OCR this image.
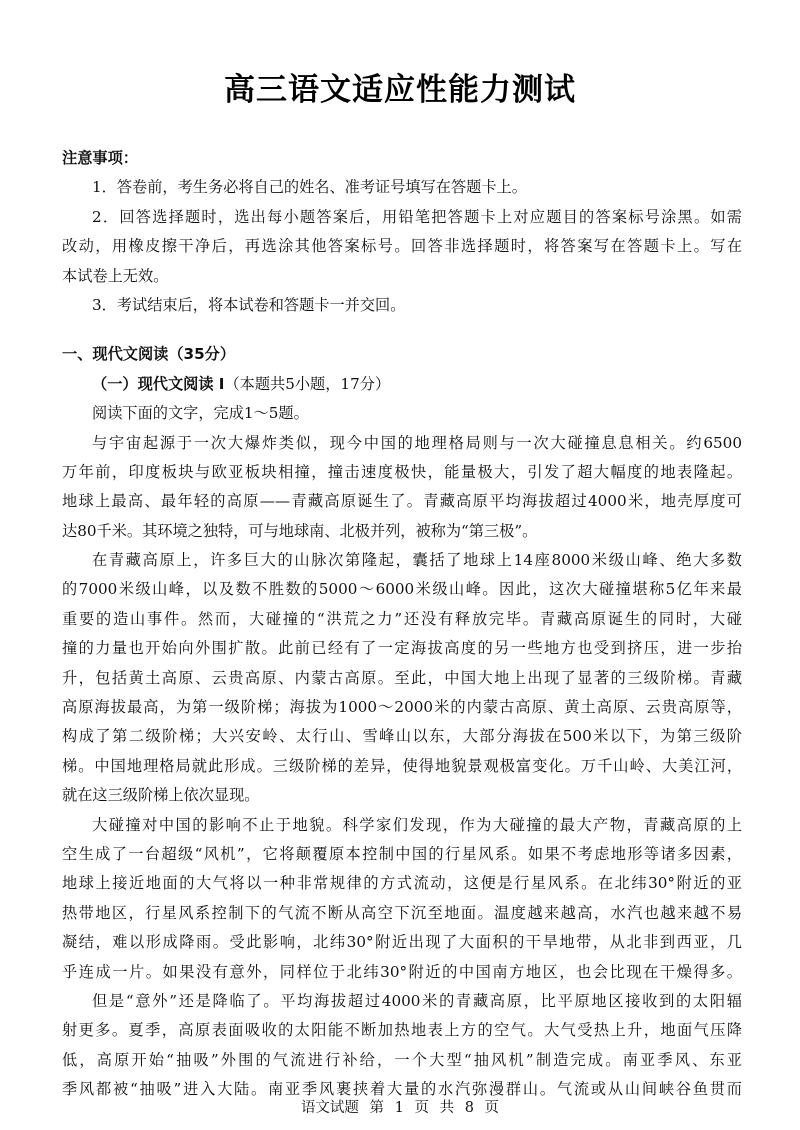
高三语文适应性能力测试
注意事项：
1．答卷前，考生务必将自己的姓名、准考证号填写在答题卡上。
2．回答选择题时，选出每小题答案后，用铅笔把答题卡上对应题目的答案标号涂黑。如需
改动，用橡皮擦干净后，再选涂其他答案标号。回答非选择题时，将答案写在答题卡上。写在
本试卷上无效。
3．考试结束后，将本试卷和答题卡一并交回。
一、现代文阅读（35分）
（一）现代文阅读 I（本题共5小题，17分）
阅读下面的文字，完成1～5题。
与宇宙起源于一次大爆炸类似，现今中国的地理格局则与一次大碰撞息息相关。约6500
万年前，印度板块与欧亚板块相撞，撞击速度极快，能量极大，引发了超大幅度的地表隆起。
地球上最高、最年轻的高原——青藏高原诞生了。青藏高原平均海拔超过4000米，地壳厚度可
达80千米。其环境之独特，可与地球南、北极并列，被称为“第三极”。
在青藏高原上，许多巨大的山脉次第隆起，囊括了地球上14座8000米级山峰、绝大多数
的7000米级山峰，以及数不胜数的5000～6000米级山峰。因此，这次大碰撞堪称5亿年来最
重要的造山事件。然而，大碰撞的“洪荒之力”还没有释放完毕。青藏高原诞生的同时，大碰
撞的力量也开始向外围扩散。此前已经有了一定海拔高度的另一些地方也受到挤压，进一步抬
升，包括黄土高原、云贵高原、内蒙古高原。至此，中国大地上出现了显著的三级阶梯。青藏
高原海拔最高，为第一级阶梯；海拔为1000～2000米的内蒙古高原、黄土高原、云贵高原等，
构成了第二级阶梯；大兴安岭、太行山、雪峰山以东，大部分海拔在500米以下，为第三级阶
梯。中国地理格局就此形成。三级阶梯的差异，使得地貌景观极富变化。万千山岭、大美江河，
就在这三级阶梯上依次显现。
大碰撞对中国的影响不止于地貌。科学家们发现，作为大碰撞的最大产物，青藏高原的上
空生成了一台超级“风机”，它将颠覆原本控制中国的行星风系。如果不考虑地形等诸多因素，
地球上接近地面的大气将以一种非常规律的方式流动，这便是行星风系。在北纬30°附近的亚
热带地区，行星风系控制下的气流不断从高空下沉至地面。温度越来越高，水汽也越来越不易
凝结，难以形成降雨。受此影响，北纬30°附近出现了大面积的干旱地带，从北非到西亚，几
乎连成一片。如果没有意外，同样位于北纬30°附近的中国南方地区，也会比现在干燥得多。
但是“意外”还是降临了。平均海拔超过4000米的青藏高原，比平原地区接收到的太阳辐
射更多。夏季，高原表面吸收的太阳能不断加热地表上方的空气。大气受热上升，地面气压降
低，高原开始“抽吸”外围的气流进行补给，一个大型“抽风机”制造完成。南亚季风、东亚
季风都被“抽吸”进入大陆。南亚季风裹挟着大量的水汽弥漫群山。气流或从山间峡谷鱼贯而
语文试题 第 1 页 共 8 页
